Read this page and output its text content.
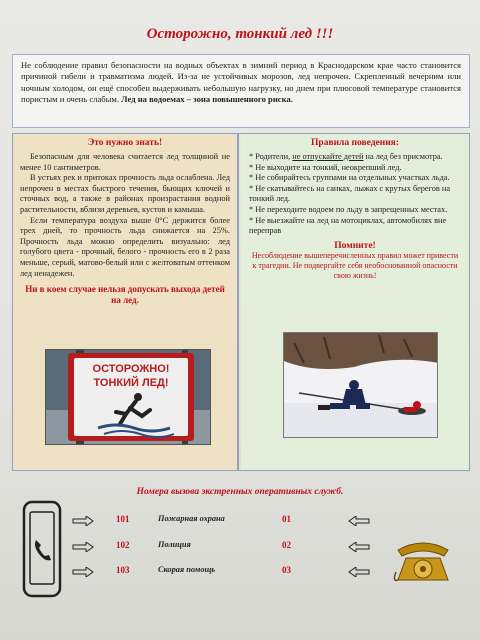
Осторожно, тонкий лед !!!
Не соблюдение правил безопасности на водных объектах в зимний период в Краснодарском крае часто становится причиной гибели и травматизма людей. Из-за не устойчивых морозов, лед непрочен. Скрепленный вечерним или ночным холодом, он ещё способен выдерживать небольшую нагрузку, но днем при плюсовой температуре становится пористым и очень слабым. Лед на водоемах – зона повышенного риска.
Это нужно знать!

Безопасным для человека считается лед толщиной не менее 10 сантиметров.

В устьях рек и притоках прочность льда ослаблена. Лед непрочен в местах быстрого течения, бьющих ключей и сточных вод, а также в районах произрастания водной растительности, вблизи деревьев, кустов и камыша.

Если температура воздуха выше 0°С держится более трех дней, то прочность льда снижается на 25%. Прочность льда можно определить визуально: лед голубого цвета - прочный, белого - прочность его в 2 раза меньше, серый, матово-белый или с желтоватым оттенком лед ненадежен.

Ни в коем случае нельзя допускать выхода детей на лед.
ОСТОРОЖНО!
ТОНКИЙ ЛЕД!
Правила поведения:
* Родители, не отпускайте детей на лед без присмотра.
* Не выходите на тонкий, неокрепший лед.
* Не собирайтесь группами на отдельных участках льда.
* Не скатывайтесь на санках, лыжах с крутых берегов на тонкий лед.
* Не переходите водоем по льду в запрещенных местах.
* Не выезжайте на лед на мотоциклах, автомобилях вне переправ
Помните!
Несоблюдение вышеперечисленных правил может привести к трагедии. Не подвергайте себя необоснованной опасности свою жизнь!
Номера вызова экстренных оперативных служб.
101	Пожарная охрана	01
102	Полиция	02
103	Скорая помощь	03
